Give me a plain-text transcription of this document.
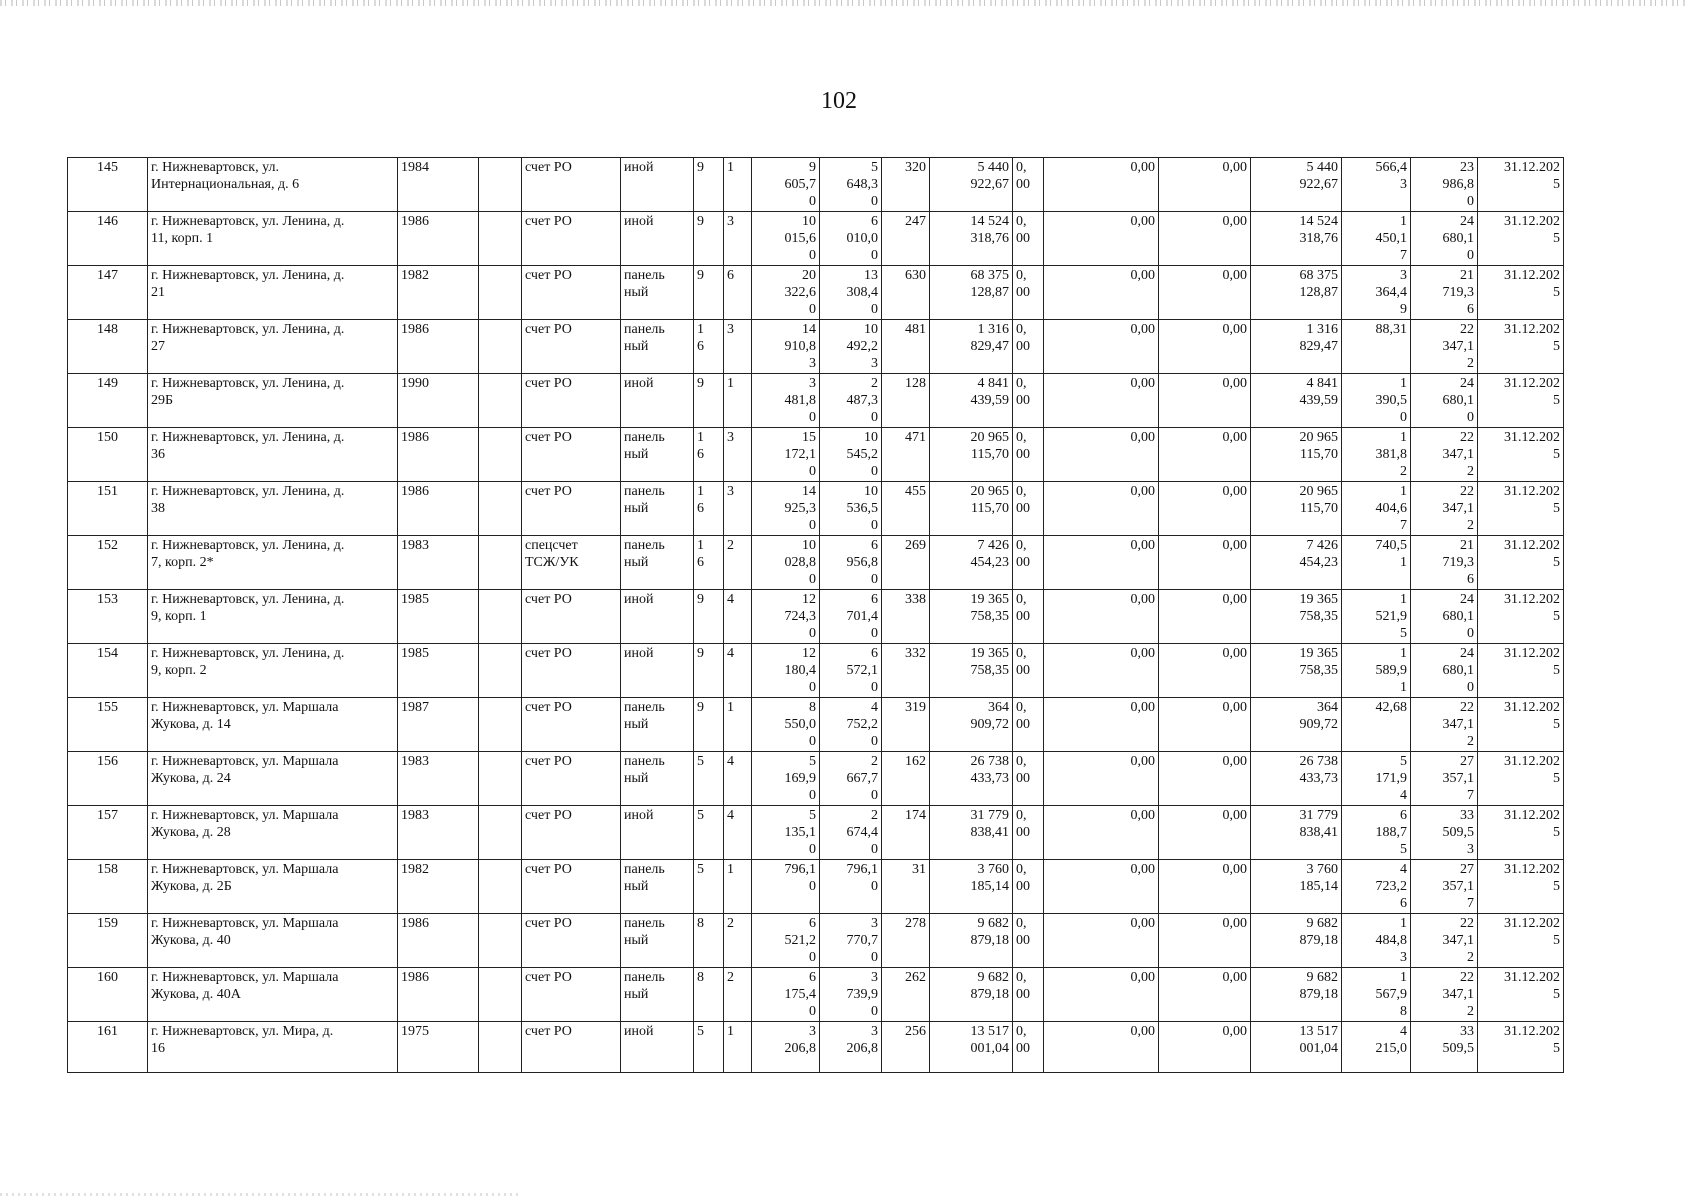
102
145	г. Нижневартовск, ул.
Интернациональная, д. 6	1984		счет РО	иной	9	1	9
605,7
0	5
648,3
0	320	5 440
922,67	0,
00	0,00	0,00	5 440
922,67	566,4
3	23
986,8
0	31.12.202
5

146	г. Нижневартовск, ул. Ленина, д.
11, корп. 1	1986		счет РО	иной	9	3	10
015,6
0	6
010,0
0	247	14 524
318,76	0,
00	0,00	0,00	14 524
318,76	1
450,1
7	24
680,1
0	31.12.202
5

147	г. Нижневартовск, ул. Ленина, д.
21	1982		счет РО	панель
ный	9	6	20
322,6
0	13
308,4
0	630	68 375
128,87	0,
00	0,00	0,00	68 375
128,87	3
364,4
9	21
719,3
6	31.12.202
5

148	г. Нижневартовск, ул. Ленина, д.
27	1986		счет РО	панель
ный	1
6	3	14
910,8
3	10
492,2
3	481	1 316
829,47	0,
00	0,00	0,00	1 316
829,47	88,31	22
347,1
2	31.12.202
5

149	г. Нижневартовск, ул. Ленина, д.
29Б	1990		счет РО	иной	9	1	3
481,8
0	2
487,3
0	128	4 841
439,59	0,
00	0,00	0,00	4 841
439,59	1
390,5
0	24
680,1
0	31.12.202
5

150	г. Нижневартовск, ул. Ленина, д.
36	1986		счет РО	панель
ный	1
6	3	15
172,1
0	10
545,2
0	471	20 965
115,70	0,
00	0,00	0,00	20 965
115,70	1
381,8
2	22
347,1
2	31.12.202
5

151	г. Нижневартовск, ул. Ленина, д.
38	1986		счет РО	панель
ный	1
6	3	14
925,3
0	10
536,5
0	455	20 965
115,70	0,
00	0,00	0,00	20 965
115,70	1
404,6
7	22
347,1
2	31.12.202
5

152	г. Нижневартовск, ул. Ленина, д.
7, корп. 2*	1983		спецсчет
ТСЖ/УК	панель
ный	1
6	2	10
028,8
0	6
956,8
0	269	7 426
454,23	0,
00	0,00	0,00	7 426
454,23	740,5
1	21
719,3
6	31.12.202
5

153	г. Нижневартовск, ул. Ленина, д.
9, корп. 1	1985		счет РО	иной	9	4	12
724,3
0	6
701,4
0	338	19 365
758,35	0,
00	0,00	0,00	19 365
758,35	1
521,9
5	24
680,1
0	31.12.202
5

154	г. Нижневартовск, ул. Ленина, д.
9, корп. 2	1985		счет РО	иной	9	4	12
180,4
0	6
572,1
0	332	19 365
758,35	0,
00	0,00	0,00	19 365
758,35	1
589,9
1	24
680,1
0	31.12.202
5

155	г. Нижневартовск, ул. Маршала
Жукова, д. 14	1987		счет РО	панель
ный	9	1	8
550,0
0	4
752,2
0	319	364
909,72	0,
00	0,00	0,00	364
909,72	42,68	22
347,1
2	31.12.202
5

156	г. Нижневартовск, ул. Маршала
Жукова, д. 24	1983		счет РО	панель
ный	5	4	5
169,9
0	2
667,7
0	162	26 738
433,73	0,
00	0,00	0,00	26 738
433,73	5
171,9
4	27
357,1
7	31.12.202
5

157	г. Нижневартовск, ул. Маршала
Жукова, д. 28	1983		счет РО	иной	5	4	5
135,1
0	2
674,4
0	174	31 779
838,41	0,
00	0,00	0,00	31 779
838,41	6
188,7
5	33
509,5
3	31.12.202
5

158	г. Нижневартовск, ул. Маршала
Жукова, д. 2Б	1982		счет РО	панель
ный	5	1	796,1
0	796,1
0	31	3 760
185,14	0,
00	0,00	0,00	3 760
185,14	4
723,2
6	27
357,1
7	31.12.202
5

159	г. Нижневартовск, ул. Маршала
Жукова, д. 40	1986		счет РО	панель
ный	8	2	6
521,2
0	3
770,7
0	278	9 682
879,18	0,
00	0,00	0,00	9 682
879,18	1
484,8
3	22
347,1
2	31.12.202
5

160	г. Нижневартовск, ул. Маршала
Жукова, д. 40А	1986		счет РО	панель
ный	8	2	6
175,4
0	3
739,9
0	262	9 682
879,18	0,
00	0,00	0,00	9 682
879,18	1
567,9
8	22
347,1
2	31.12.202
5

161	г. Нижневартовск, ул. Мира, д.
16	1975		счет РО	иной	5	1	3
206,8	3
206,8	256	13 517
001,04	0,
00	0,00	0,00	13 517
001,04	4
215,0	33
509,5	31.12.202
5
